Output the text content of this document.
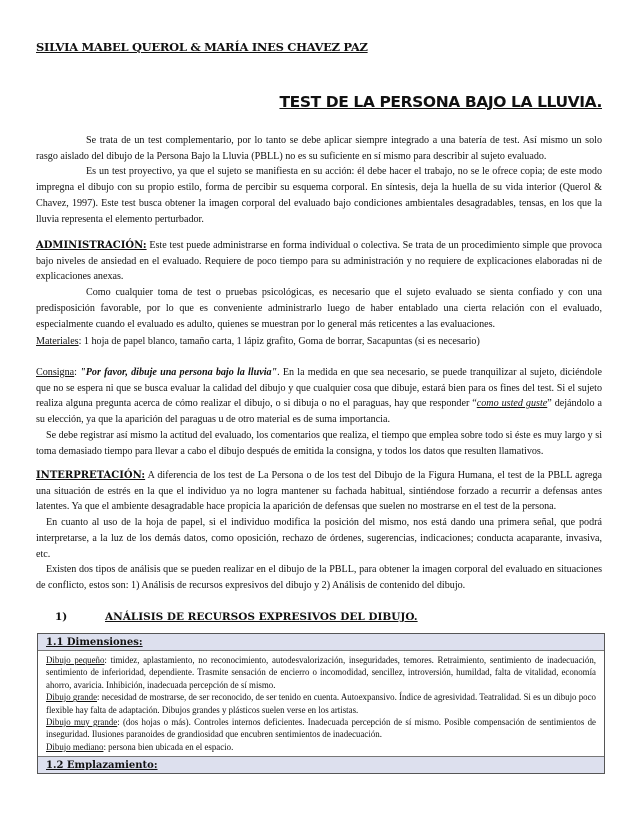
SILVIA MABEL QUEROL & MARÍA INES CHAVEZ PAZ
TEST DE LA PERSONA BAJO LA LLUVIA.

Se trata de un test complementario, por lo tanto se debe aplicar siempre integrado a una batería de test. Así mismo un solo rasgo aislado del dibujo de la Persona Bajo la Lluvia (PBLL) no es su suficiente en sí mismo para describir al sujeto evaluado.

Es un test proyectivo, ya que el sujeto se manifiesta en su acción: él debe hacer el trabajo, no se le ofrece copia; de este modo impregna el dibujo con su propio estilo, forma de percibir su esquema corporal. En síntesis, deja la huella de su vida interior (Querol & Chavez, 1997). Este test busca obtener la imagen corporal del evaluado bajo condiciones ambientales desagradables, tensas, en los que la lluvia representa el elemento perturbador.

ADMINISTRACIÓN: Este test puede administrarse en forma individual o colectiva. Se trata de un procedimiento simple que provoca bajo niveles de ansiedad en el evaluado. Requiere de poco tiempo para su administración y no requiere de explicaciones elaboradas ni de explicaciones anexas.

Como cualquier toma de test o pruebas psicológicas, es necesario que el sujeto evaluado se sienta confiado y con una predisposición favorable, por lo que es conveniente administrarlo luego de haber entablado una cierta relación con el evaluado, especialmente cuando el evaluado es adulto, quienes se muestran por lo general más reticentes a las evaluaciones.

Materiales: 1 hoja de papel blanco, tamaño carta, 1 lápiz grafito, Goma de borrar, Sacapuntas (si es necesario)

Consigna: "Por favor, dibuje una persona bajo la lluvia". En la medida en que sea necesario, se puede tranquilizar al sujeto, diciéndole que no se espera ni que se busca evaluar la calidad del dibujo y que cualquier cosa que dibuje, estará bien para os fines del test. Si el sujeto realiza alguna pregunta acerca de cómo realizar el dibujo, o si dibuja o no el paraguas, hay que responder “como usted guste” dejándolo a su elección, ya que la aparición del paraguas u de otro material es de suma importancia.

Se debe registrar así mismo la actitud del evaluado, los comentarios que realiza, el tiempo que emplea sobre todo si éste es muy largo y si toma demasiado tiempo para llevar a cabo el dibujo después de emitida la consigna, y todos los datos que resulten llamativos.

INTERPRETACIÓN: A diferencia de los test de La Persona o de los test del Dibujo de la Figura Humana, el test de la PBLL agrega una situación de estrés en la que el individuo ya no logra mantener su fachada habitual, sintiéndose forzado a recurrir a defensas antes latentes. Ya que el ambiente desagradable hace propicia la aparición de defensas que suelen no mostrarse en el test de la persona.

En cuanto al uso de la hoja de papel, si el individuo modifica la posición del mismo, nos está dando una primera señal, que podrá interpretarse, a la luz de los demás datos, como oposición, rechazo de órdenes, sugerencias, indicaciones; conducta acaparante, invasiva, etc.

Existen dos tipos de análisis que se pueden realizar en el dibujo de la PBLL, para obtener la imagen corporal del evaluado en situaciones de conflicto, estos son: 1) Análisis de recursos expresivos del dibujo y 2) Análisis de contenido del dibujo.

1)	ANÁLISIS DE RECURSOS EXPRESIVOS DEL DIBUJO.
1.1 Dimensiones:

Dibujo pequeño: timidez, aplastamiento, no reconocimiento, autodesvalorización, inseguridades, temores. Retraimiento, sentimiento de inadecuación, sentimiento de inferioridad, dependiente. Trasmite sensación de encierro o incomodidad, sencillez, introversión, humildad, falta de vitalidad, economía ahorro, avaricia. Inhibición, inadecuada percepción de sí mismo.

Dibujo grande: necesidad de mostrarse, de ser reconocido, de ser tenido en cuenta. Autoexpansivo. Índice de agresividad. Teatralidad. Si es un dibujo poco flexible hay falta de adaptación. Dibujos grandes y plásticos suelen verse en los artistas.

Dibujo muy grande: (dos hojas o más). Controles internos deficientes. Inadecuada percepción de sí mismo. Posible compensación de sentimientos de inseguridad. Ilusiones paranoides de grandiosidad que encubren sentimientos de inadecuación.

Dibujo mediano: persona bien ubicada en el espacio.

1.2 Emplazamiento:
